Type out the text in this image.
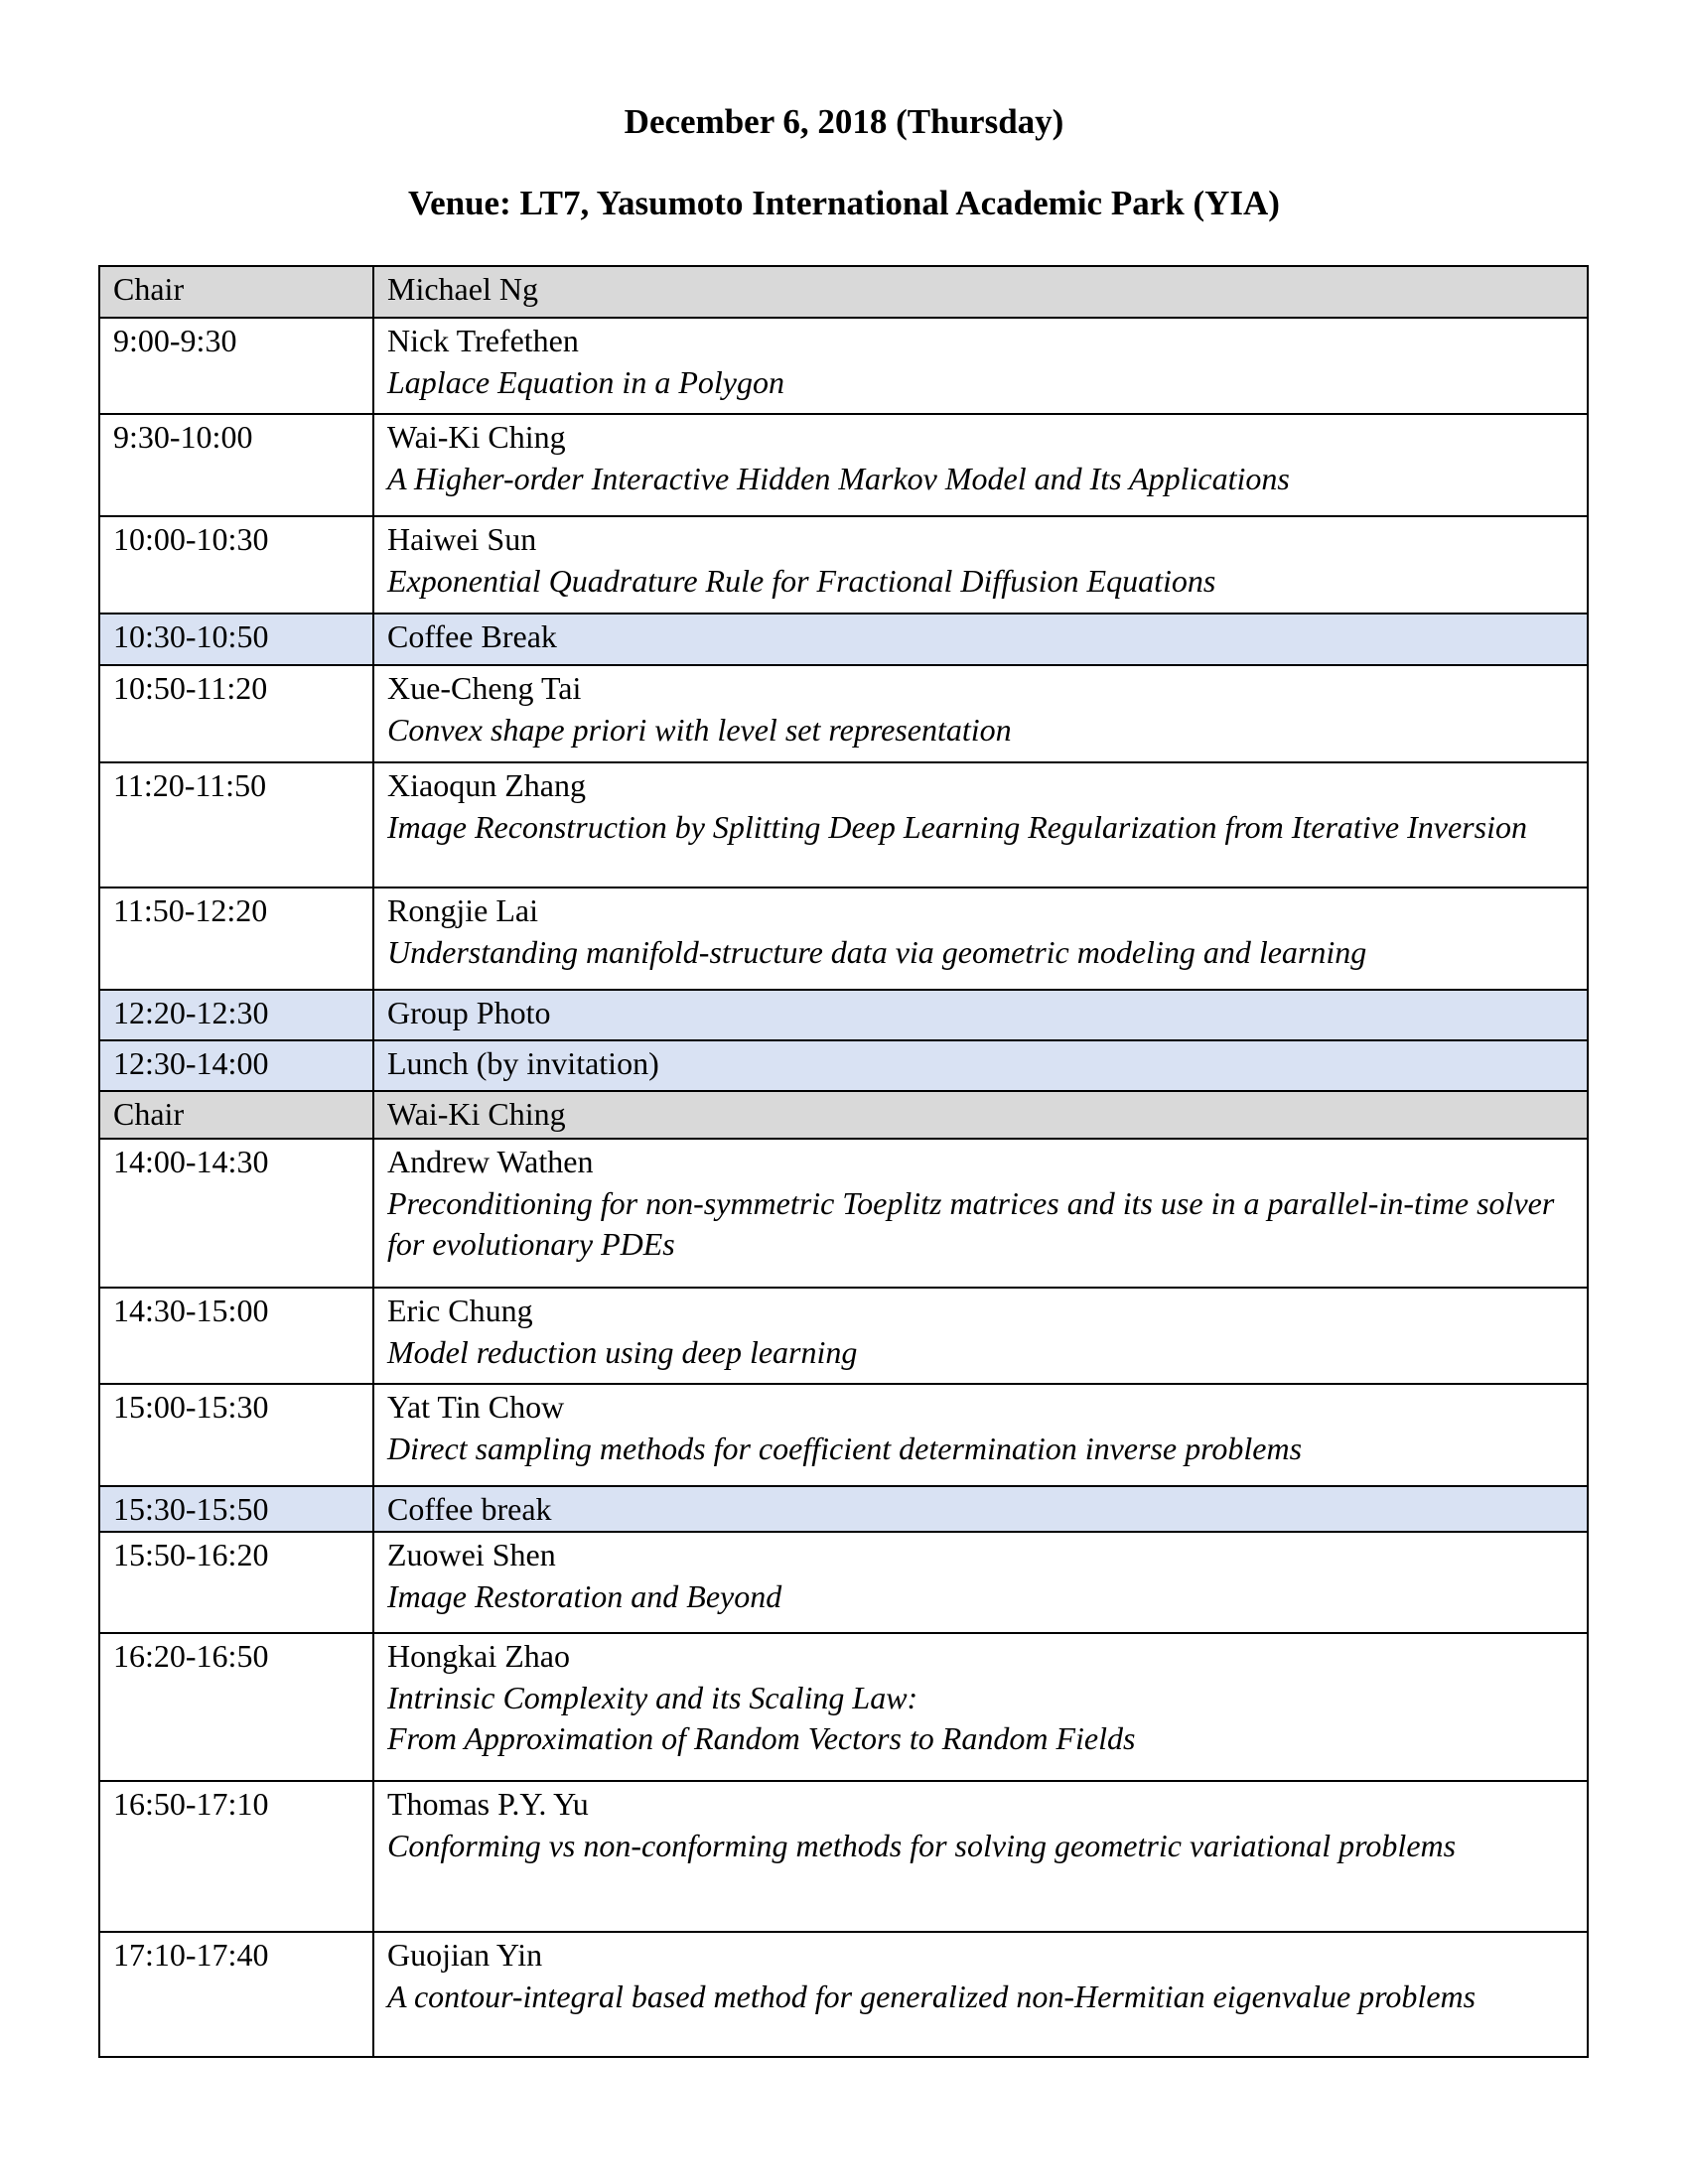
December 6, 2018 (Thursday)
Venue: LT7, Yasumoto International Academic Park (YIA)
Chair	Michael Ng
9:00-9:30	Nick Trefethen
Laplace Equation in a Polygon

9:30-10:00	Wai-Ki Ching
A Higher-order Interactive Hidden Markov Model and Its Applications

10:00-10:30	Haiwei Sun
Exponential Quadrature Rule for Fractional Diffusion Equations

10:30-10:50	Coffee Break
10:50-11:20	Xue-Cheng Tai
Convex shape priori with level set representation

11:20-11:50	Xiaoqun Zhang
Image Reconstruction by Splitting Deep Learning Regularization from Iterative Inversion

11:50-12:20	Rongjie Lai
Understanding manifold-structure data via geometric modeling and learning

12:20-12:30	Group Photo
12:30-14:00	Lunch (by invitation)
Chair	Wai-Ki Ching
14:00-14:30	Andrew Wathen
Preconditioning for non-symmetric Toeplitz matrices and its use in a parallel-in-time solver for evolutionary PDEs

14:30-15:00	Eric Chung
Model reduction using deep learning

15:00-15:30	Yat Tin Chow
Direct sampling methods for coefficient determination inverse problems

15:30-15:50	Coffee break
15:50-16:20	Zuowei Shen
Image Restoration and Beyond

16:20-16:50	Hongkai Zhao
Intrinsic Complexity and its Scaling Law:
From Approximation of Random Vectors to Random Fields

16:50-17:10	Thomas P.Y. Yu
Conforming vs non-conforming methods for solving geometric variational problems

17:10-17:40	Guojian Yin
A contour-integral based method for generalized non-Hermitian eigenvalue problems
